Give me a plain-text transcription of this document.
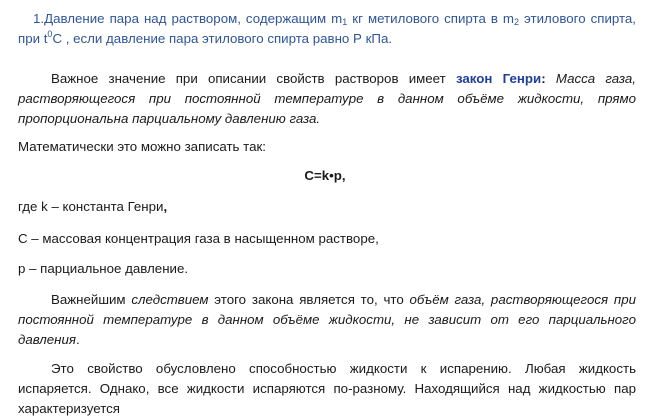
1.Давление пара над раствором, содержащим $m_1$ кг метилового спирта в $m_2$ этилового спирта, при $t^0С$ , если давление пара этилового спирта равно Р кПа.

Важное значение при описании свойств растворов имеет закон Генри: Масса газа, растворяющегося при постоянной температуре в данном объёме жидкости, прямо пропорциональна парциальному давлению газа.

Математически это можно записать так:

C=k•p,

где k – константа Генри,

С – массовая концентрация газа в насыщенном растворе,

р – парциальное давление.

Важнейшим следствием этого закона является то, что объём газа, растворяющегося при постоянной температуре в данном объёме жидкости, не зависит от его парциального давления.

Это свойство обусловлено способностью жидкости к испарению. Любая жидкость испаряется. Однако, все жидкости испаряются по-разному. Находящийся над жидкостью пар характеризуется
